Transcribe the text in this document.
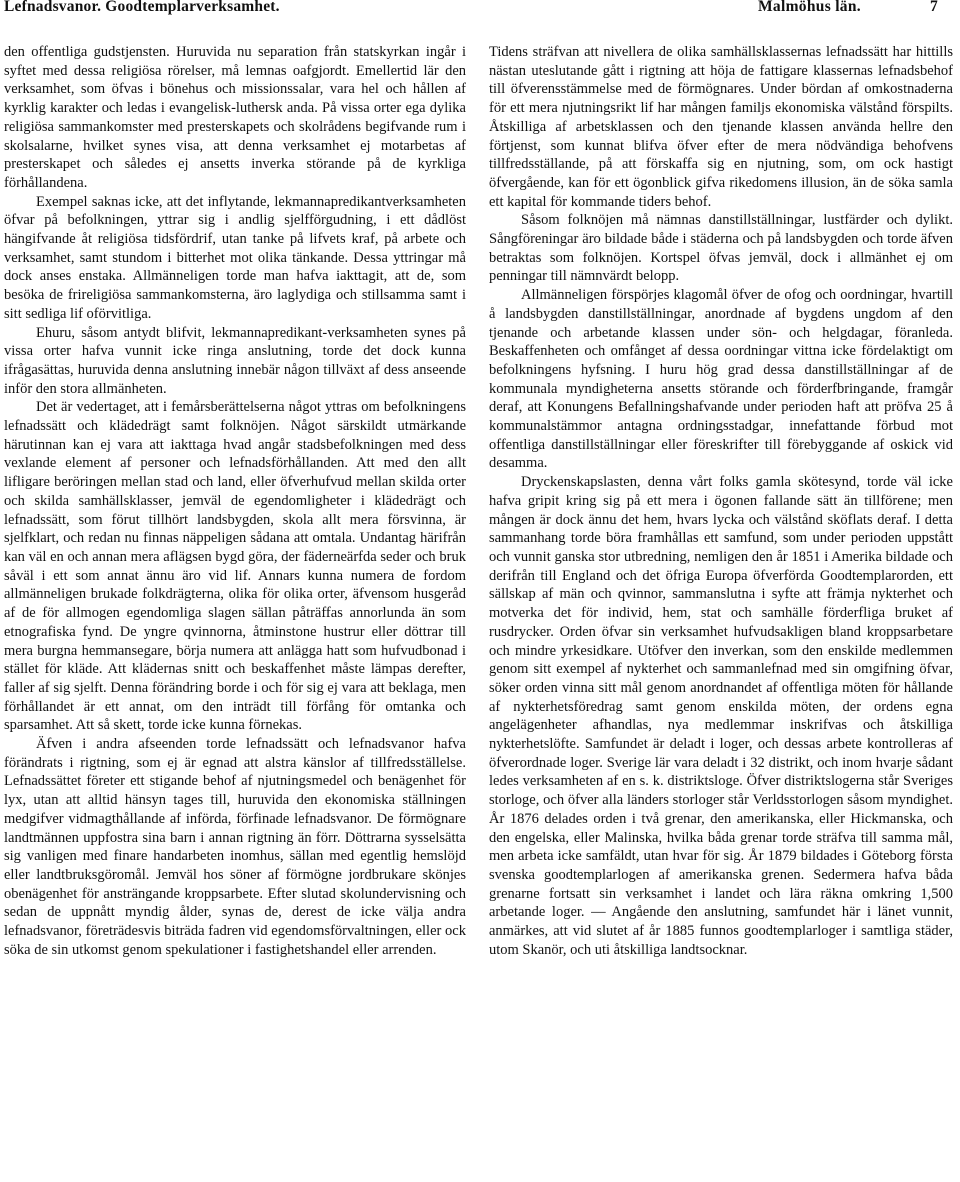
Lefnadsvanor. Goodtemplarverksamhet.	Malmöhus län.	7

den offentliga gudstjensten. Huruvida nu separation från statskyrkan ingår i syftet med dessa religiösa rörelser, må lemnas oafgjordt. Emellertid lär den verksamhet, som öfvas i bönehus och missionssalar, vara hel och hållen af kyrklig karakter och ledas i evangelisk-luthersk anda. På vissa orter ega dylika religiösa sammankomster med presterskapets och skolrådens begifvande rum i skolsalarne, hvilket synes visa, att denna verksamhet ej motarbetas af presterskapet och således ej ansetts inverka störande på de kyrkliga förhållandena.

Exempel saknas icke, att det inflytande, lekmannapredikantverksamheten öfvar på befolkningen, yttrar sig i andlig sjelfförgudning, i ett dådlöst hängifvande åt religiösa tidsfördrif, utan tanke på lifvets kraf, på arbete och verksamhet, samt stundom i bitterhet mot olika tänkande. Dessa yttringar må dock anses enstaka. Allmänneligen torde man hafva iakttagit, att de, som besöka de frireligiösa sammankomsterna, äro laglydiga och stillsamma samt i sitt sedliga lif oförvitliga.

Ehuru, såsom antydt blifvit, lekmannapredikant-verksamheten synes på vissa orter hafva vunnit icke ringa anslutning, torde det dock kunna ifrågasättas, huruvida denna anslutning innebär någon tillväxt af dess anseende inför den stora allmänheten.

Det är vedertaget, att i femårsberättelserna något yttras om befolkningens lefnadssätt och klädedrägt samt folknöjen. Något särskildt utmärkande härutinnan kan ej vara att iakttaga hvad angår stadsbefolkningen med dess vexlande element af personer och lefnadsförhållanden. Att med den allt lifligare beröringen mellan stad och land, eller öfverhufvud mellan skilda orter och skilda samhällsklasser, jemväl de egendomligheter i klädedrägt och lefnadssätt, som förut tillhört landsbygden, skola allt mera försvinna, är sjelfklart, och redan nu finnas näppeligen sådana att omtala. Undantag härifrån kan väl en och annan mera aflägsen bygd göra, der fäderneärfda seder och bruk såväl i ett som annat ännu äro vid lif. Annars kunna numera de fordom allmänneligen brukade folkdrägterna, olika för olika orter, äfvensom husgeråd af de för allmogen egendomliga slagen sällan påträffas annorlunda än som etnografiska fynd. De yngre qvinnorna, åtminstone hustrur eller döttrar till mera burgna hemmansegare, börja numera att anlägga hatt som hufvudbonad i stället för kläde. Att klädernas snitt och beskaffenhet måste lämpas derefter, faller af sig sjelft. Denna förändring borde i och för sig ej vara att beklaga, men förhållandet är ett annat, om den inträdt till förfång för omtanka och sparsamhet. Att så skett, torde icke kunna förnekas.

Äfven i andra afseenden torde lefnadssätt och lefnadsvanor hafva förändrats i rigtning, som ej är egnad att alstra känslor af tillfredsställelse. Lefnadssättet företer ett stigande behof af njutningsmedel och benägenhet för lyx, utan att alltid hänsyn tages till, huruvida den ekonomiska ställningen medgifver vidmagthållande af införda, förfinade lefnadsvanor. De förmögnare landtmännen uppfostra sina barn i annan rigtning än förr. Döttrarna sysselsätta sig vanligen med finare handarbeten inomhus, sällan med egentlig hemslöjd eller landtbruksgöromål. Jemväl hos söner af förmögne jordbrukare skönjes obenägenhet för ansträngande kroppsarbete. Efter slutad skolundervisning och sedan de uppnått myndig ålder, synas de, derest de icke välja andra lefnadsvanor, företrädesvis biträda fadren vid egendomsförvaltningen, eller ock söka de sin utkomst genom spekulationer i fastighetshandel eller arrenden.

Tidens sträfvan att nivellera de olika samhällsklassernas lefnadssätt har hittills nästan uteslutande gått i rigtning att höja de fattigare klassernas lefnadsbehof till öfverensstämmelse med de förmögnares. Under bördan af omkostnaderna för ett mera njutningsrikt lif har mången familjs ekonomiska välstånd förspilts. Åtskilliga af arbetsklassen och den tjenande klassen använda hellre den förtjenst, som kunnat blifva öfver efter de mera nödvändiga behofvens tillfredsställande, på att förskaffa sig en njutning, som, om ock hastigt öfvergående, kan för ett ögonblick gifva rikedomens illusion, än de söka samla ett kapital för kommande tiders behof.

Såsom folknöjen må nämnas danstillställningar, lustfärder och dylikt. Sångföreningar äro bildade både i städerna och på landsbygden och torde äfven betraktas som folknöjen. Kortspel öfvas jemväl, dock i allmänhet ej om penningar till nämnvärdt belopp.

Allmänneligen förspörjes klagomål öfver de ofog och oordningar, hvartill å landsbygden danstillställningar, anordnade af bygdens ungdom af den tjenande och arbetande klassen under sön- och helgdagar, föranleda. Beskaffenheten och omfånget af dessa oordningar vittna icke fördelaktigt om befolkningens hyfsning. I huru hög grad dessa danstillställningar af de kommunala myndigheterna ansetts störande och förderfbringande, framgår deraf, att Konungens Befallningshafvande under perioden haft att pröfva 25 å kommunalstämmor antagna ordningsstadgar, innefattande förbud mot offentliga danstillställningar eller föreskrifter till förebyggande af oskick vid desamma.

Dryckenskapslasten, denna vårt folks gamla skötesynd, torde väl icke hafva gripit kring sig på ett mera i ögonen fallande sätt än tillförene; men mången är dock ännu det hem, hvars lycka och välstånd sköflats deraf. I detta sammanhang torde böra framhållas ett samfund, som under perioden uppstått och vunnit ganska stor utbredning, nemligen den år 1851 i Amerika bildade och derifrån till England och det öfriga Europa öfverförda Goodtemplarorden, ett sällskap af män och qvinnor, sammanslutna i syfte att främja nykterhet och motverka det för individ, hem, stat och samhälle förderfliga bruket af rusdrycker. Orden öfvar sin verksamhet hufvudsakligen bland kroppsarbetare och mindre yrkesidkare. Utöfver den inverkan, som den enskilde medlemmen genom sitt exempel af nykterhet och sammanlefnad med sin omgifning öfvar, söker orden vinna sitt mål genom anordnandet af offentliga möten för hållande af nykterhetsföredrag samt genom enskilda möten, der ordens egna angelägenheter afhandlas, nya medlemmar inskrifvas och åtskilliga nykterhetslöfte. Samfundet är deladt i loger, och dessas arbete kontrolleras af öfverordnade loger. Sverige lär vara deladt i 32 distrikt, och inom hvarje sådant ledes verksamheten af en s. k. distriktsloge. Öfver distriktslogerna står Sveriges storloge, och öfver alla länders storloger står Verldsstorlogen såsom myndighet. År 1876 delades orden i två grenar, den amerikanska, eller Hickmanska, och den engelska, eller Malinska, hvilka båda grenar torde sträfva till samma mål, men arbeta icke samfäldt, utan hvar för sig. År 1879 bildades i Göteborg första svenska goodtemplarlogen af amerikanska grenen. Sedermera hafva båda grenarne fortsatt sin verksamhet i landet och lära räkna omkring 1,500 arbetande loger. — Angående den anslutning, samfundet här i länet vunnit, anmärkes, att vid slutet af år 1885 funnos goodtemplarloger i samtliga städer, utom Skanör, och uti åtskilliga landtsocknar.
